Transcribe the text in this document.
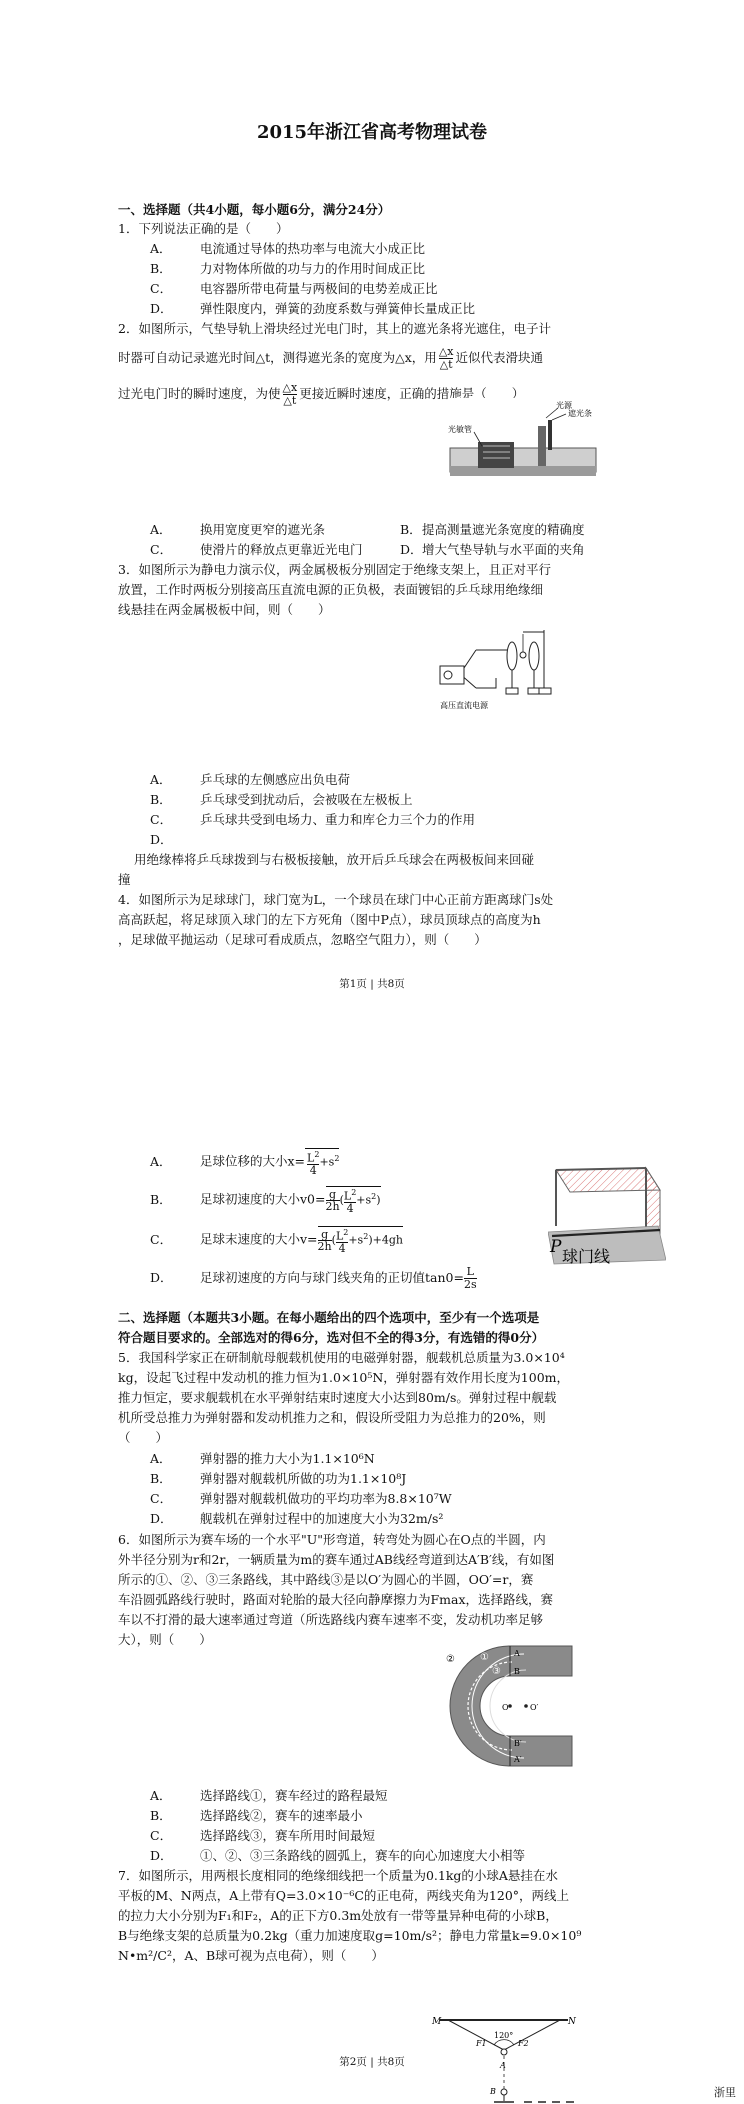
2015年浙江省高考物理试卷
一、选择题（共4小题，每小题6分，满分24分）
1．下列说法正确的是（　　）
A． 电流通过导体的热功率与电流大小成正比
B． 力对物体所做的功与力的作用时间成正比
C． 电容器所带电荷量与两极间的电势差成正比
D． 弹性限度内，弹簧的劲度系数与弹簧伸长量成正比
2．如图所示，气垫导轨上滑块经过光电门时，其上的遮光条将光遮住，电子计
时器可自动记录遮光时间△t，测得遮光条的宽度为△x，用 $\frac{\triangle x}{\triangle t}$ 近似代表滑块通
过光电门时的瞬时速度，为使 $\frac{\triangle x}{\triangle t}$ 更接近瞬时速度，正确的措施是（　　）
光源
遮光条
光敏管
A． 换用宽度更窄的遮光条	B．提高测量遮光条宽度的精确度
C． 使滑片的释放点更靠近光电门	D．增大气垫导轨与水平面的夹角
3．如图所示为静电力演示仪，两金属极板分别固定于绝缘支架上，且正对平行
放置，工作时两板分别接高压直流电源的正负极，表面镀铝的乒乓球用绝缘细
线悬挂在两金属极板中间，则（　　）
高压直流电源
A． 乒乓球的左侧感应出负电荷
B． 乒乓球受到扰动后，会被吸在左极板上
C． 乒乓球共受到电场力、重力和库仑力三个力的作用
D．
用绝缘棒将乒乓球拨到与右极板接触，放开后乒乓球会在两极板间来回碰
撞
4．如图所示为足球球门，球门宽为L，一个球员在球门中心正前方距离球门s处
高高跃起，将足球顶入球门的左下方死角（图中P点），球员顶球点的高度为h
，足球做平抛运动（足球可看成质点，忽略空气阻力），则（　　）
第1页 | 共8页
A． 足球位移的大小$x= \frac{L^2}{4} +s^2$
B． 足球初速度的大小$v0= \frac{g}{2h}$ ( $\frac{L^2}{4} +s^2$)
C． 足球末速度的大小$v= \frac{g}{2h}$ ( $\frac{L^2}{4} +s^2)+4gh$
D． 足球初速度的方向与球门线夹角的正切值$\tan 0= \frac{L}{2s}$
P 球门线
二、选择题（本题共3小题。在每小题给出的四个选项中，至少有一个选项是
符合题目要求的。全部选对的得6分，选对但不全的得3分，有选错的得0分）
5．我国科学家正在研制航母舰载机使用的电磁弹射器，舰载机总质量为3.0×10⁴
kg，设起飞过程中发动机的推力恒为1.0×10⁵N，弹射器有效作用长度为100m，
推力恒定，要求舰载机在水平弹射结束时速度大小达到80m/s。弹射过程中舰载
机所受总推力为弹射器和发动机推力之和，假设所受阻力为总推力的20%，则
（　　）
A． 弹射器的推力大小为1.1×10⁶N
B． 弹射器对舰载机所做的功为1.1×10⁸J
C． 弹射器对舰载机做功的平均功率为8.8×10⁷W
D． 舰载机在弹射过程中的加速度大小为32m/s²
6．如图所示为赛车场的一个水平"U"形弯道，转弯处为圆心在O点的半圆，内
外半径分别为r和2r，一辆质量为m的赛车通过AB线经弯道到达A′B′线，有如图
所示的①、②、③三条路线，其中路线③是以O′为圆心的半圆，OO′=r，赛
车沿圆弧路线行驶时，路面对轮胎的最大径向静摩擦力为Fmax，选择路线，赛
车以不打滑的最大速率通过弯道（所选路线内赛车速率不变，发动机功率足够
大），则（　　）
②	①
③
O	O′
A
B
B′
A′
A． 选择路线①，赛车经过的路程最短
B． 选择路线②，赛车的速率最小
C． 选择路线③，赛车所用时间最短
D． ①、②、③三条路线的圆弧上，赛车的向心加速度大小相等
7．如图所示，用两根长度相同的绝缘细线把一个质量为0.1kg的小球A悬挂在水
平板的M、N两点，A上带有Q=3.0×10⁻⁶C的正电荷，两线夹角为120°，两线上
的拉力大小分别为F₁和F₂，A的正下方0.3m处放有一带等量异种电荷的小球B，
B与绝缘支架的总质量为0.2kg（重力加速度取g=10m/s²；静电力常量k=9.0×10⁹
N•m²/C²，A、B球可视为点电荷），则（　　）
M	N
120°
F1	F2
A
B
第2页 | 共8页
浙里
